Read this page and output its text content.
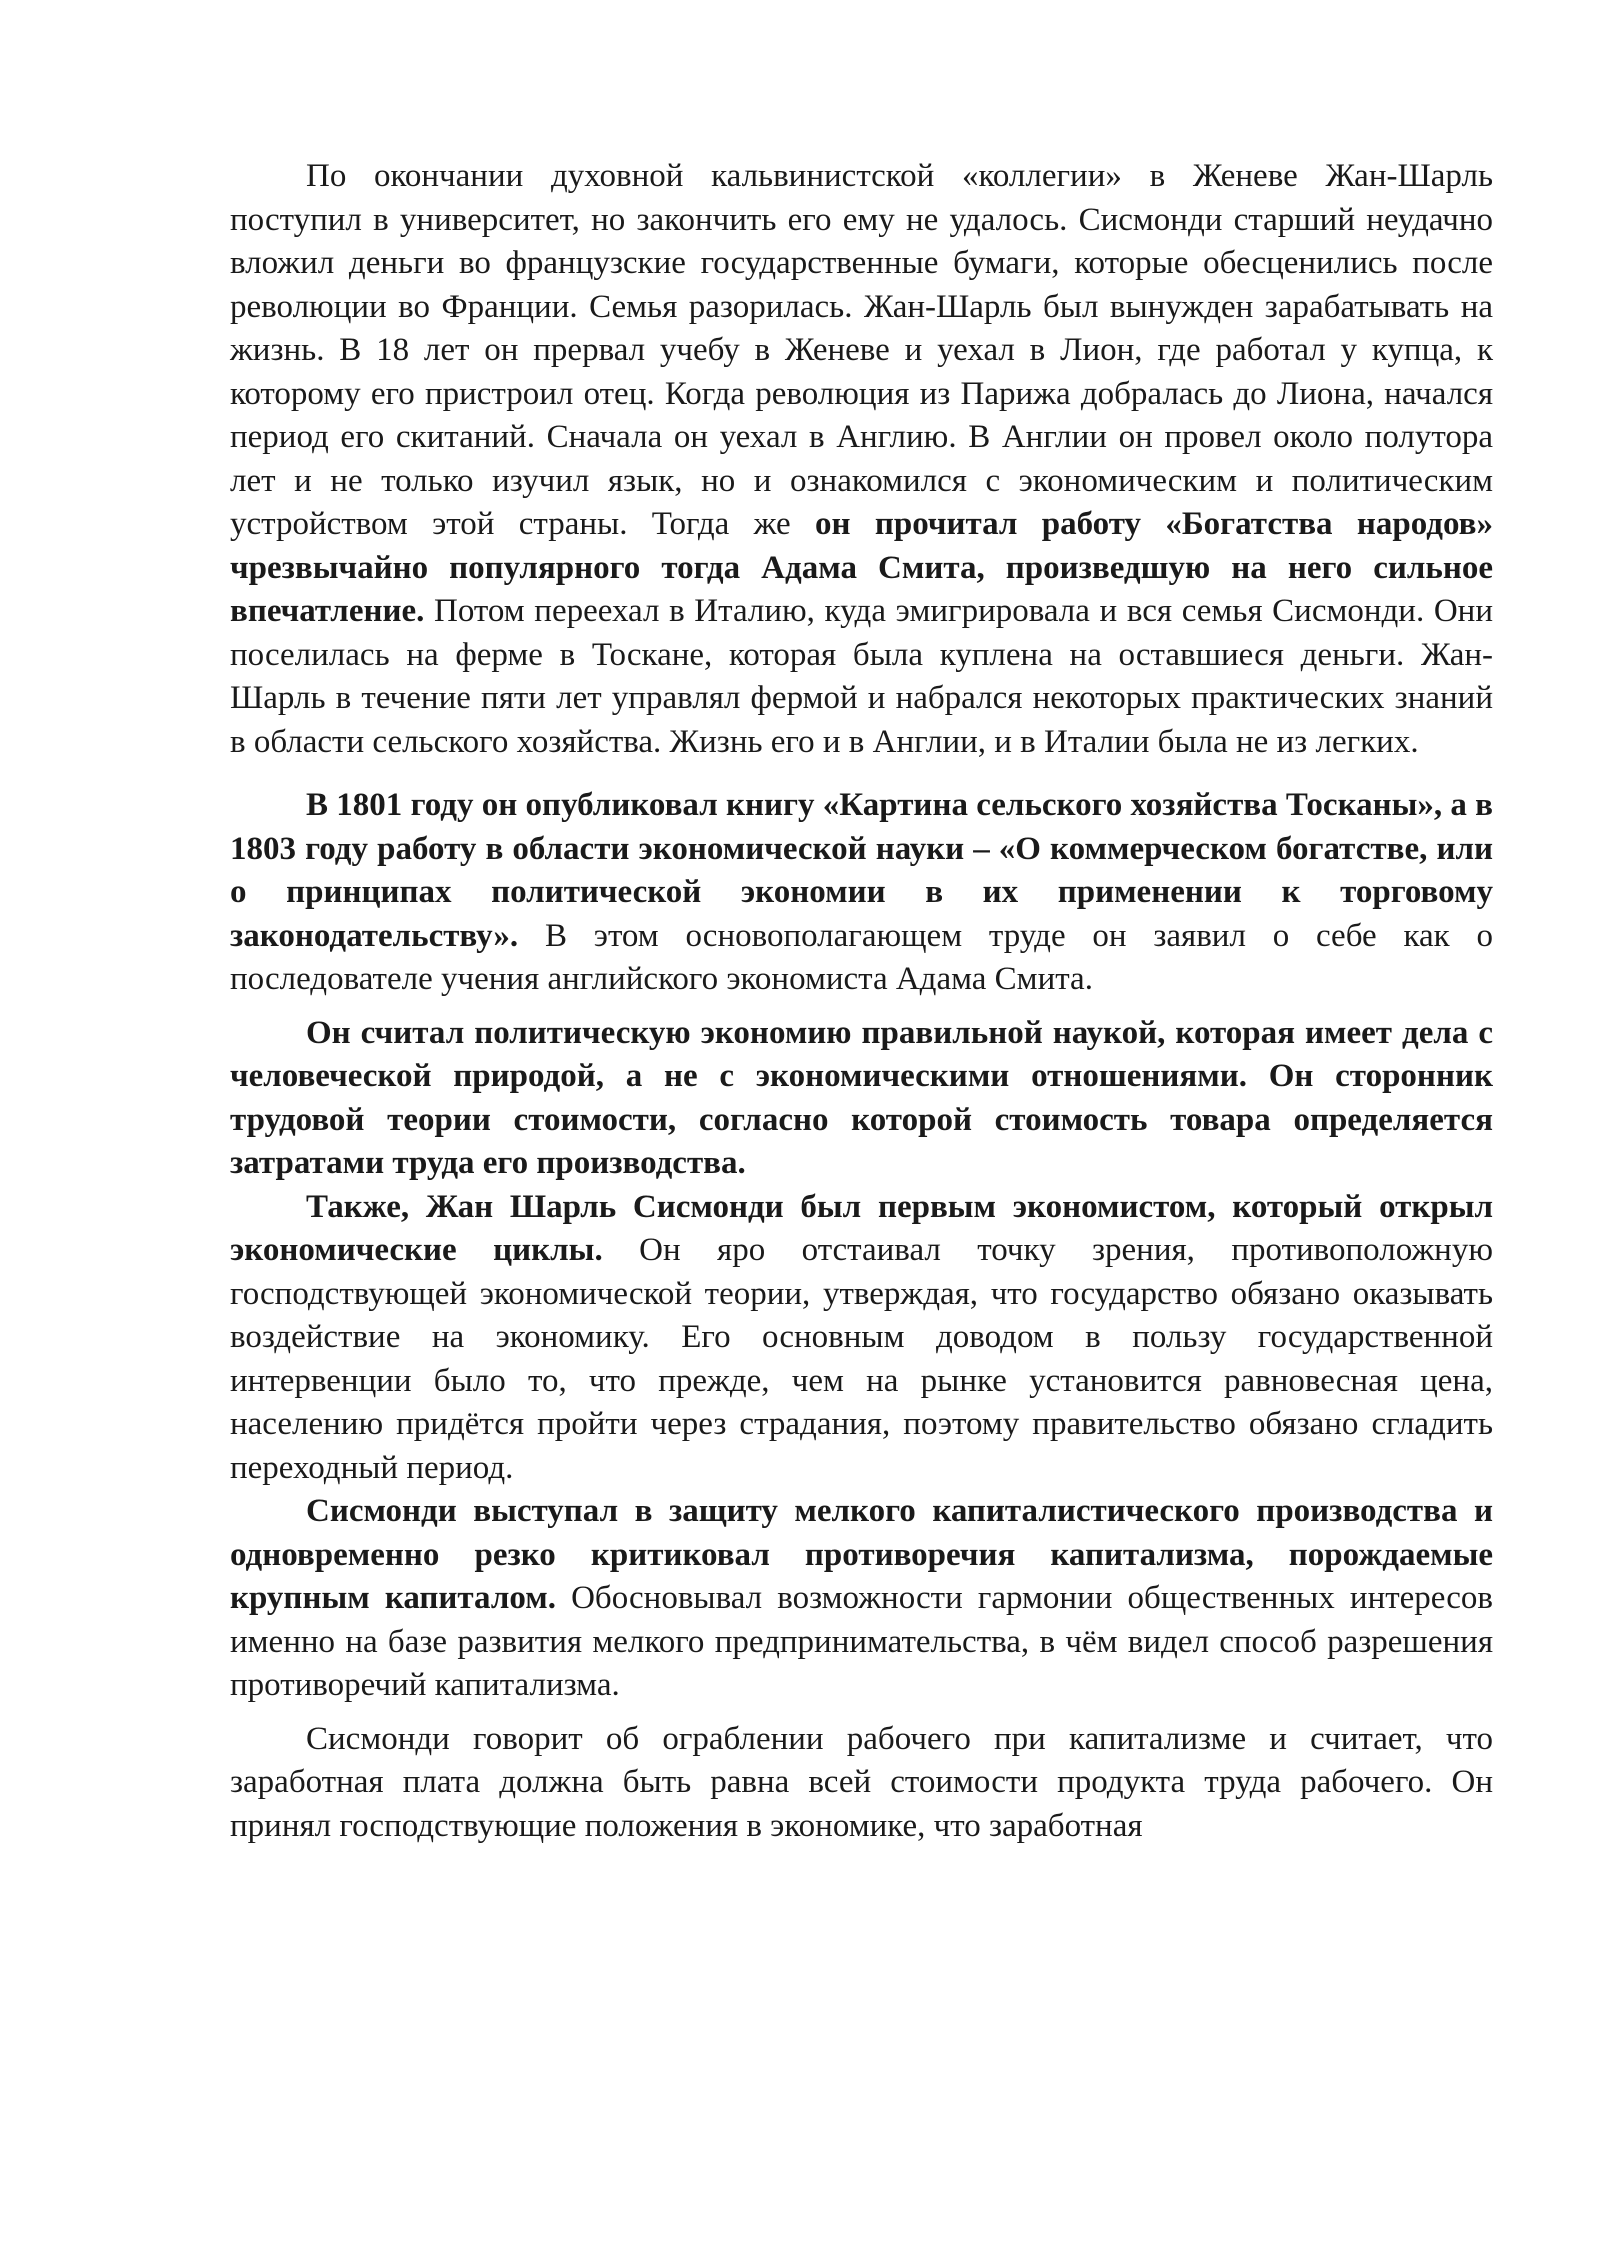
По окончании духовной кальвинистской «коллегии» в Женеве Жан-Шарль поступил в университет, но закончить его ему не удалось. Сисмонди старший неудачно вложил деньги во французские государственные бумаги, которые обесценились после революции во Франции. Семья разорилась. Жан-Шарль был вынужден зарабатывать на жизнь. В 18 лет он прервал учебу в Женеве и уехал в Лион, где работал у купца, к которому его пристроил отец. Когда революция из Парижа добралась до Лиона, начался период его скитаний. Сначала он уехал в Англию. В Англии он провел около полутора лет и не только изучил язык, но и ознакомился с экономическим и политическим устройством этой страны. Тогда же он прочитал работу «Богатства народов» чрезвычайно популярного тогда Адама Смита, произведшую на него сильное впечатление. Потом переехал в Италию, куда эмигрировала и вся семья Сисмонди. Они поселилась на ферме в Тоскане, которая была куплена на оставшиеся деньги. Жан-Шарль в течение пяти лет управлял фермой и набрался некоторых практических знаний в области сельского хозяйства. Жизнь его и в Англии, и в Италии была не из легких.

В 1801 году он опубликовал книгу «Картина сельского хозяйства Тосканы», а в 1803 году работу в области экономической науки – «О коммерческом богатстве, или о принципах политической экономии в их применении к торговому законодательству». В этом основополагающем труде он заявил о себе как о последователе учения английского экономиста Адама Смита.

Он считал политическую экономию правильной наукой, которая имеет дела с человеческой природой, а не с экономическими отношениями. Он сторонник трудовой теории стоимости, согласно которой стоимость товара определяется затратами труда его производства.

Также, Жан Шарль Сисмонди был первым экономистом, который открыл экономические циклы. Он яро отстаивал точку зрения, противоположную господствующей экономической теории, утверждая, что государство обязано оказывать воздействие на экономику. Его основным доводом в пользу государственной интервенции было то, что прежде, чем на рынке установится равновесная цена, населению придётся пройти через страдания, поэтому правительство обязано сгладить переходный период.

Сисмонди выступал в защиту мелкого капиталистического производства и одновременно резко критиковал противоречия капитализма, порождаемые крупным капиталом. Обосновывал возможности гармонии общественных интересов именно на базе развития мелкого предпринимательства, в чём видел способ разрешения противоречий капитализма.

Сисмонди говорит об ограблении рабочего при капитализме и считает, что заработная плата должна быть равна всей стоимости продукта труда рабочего. Он принял господствующие положения в экономике, что заработная
